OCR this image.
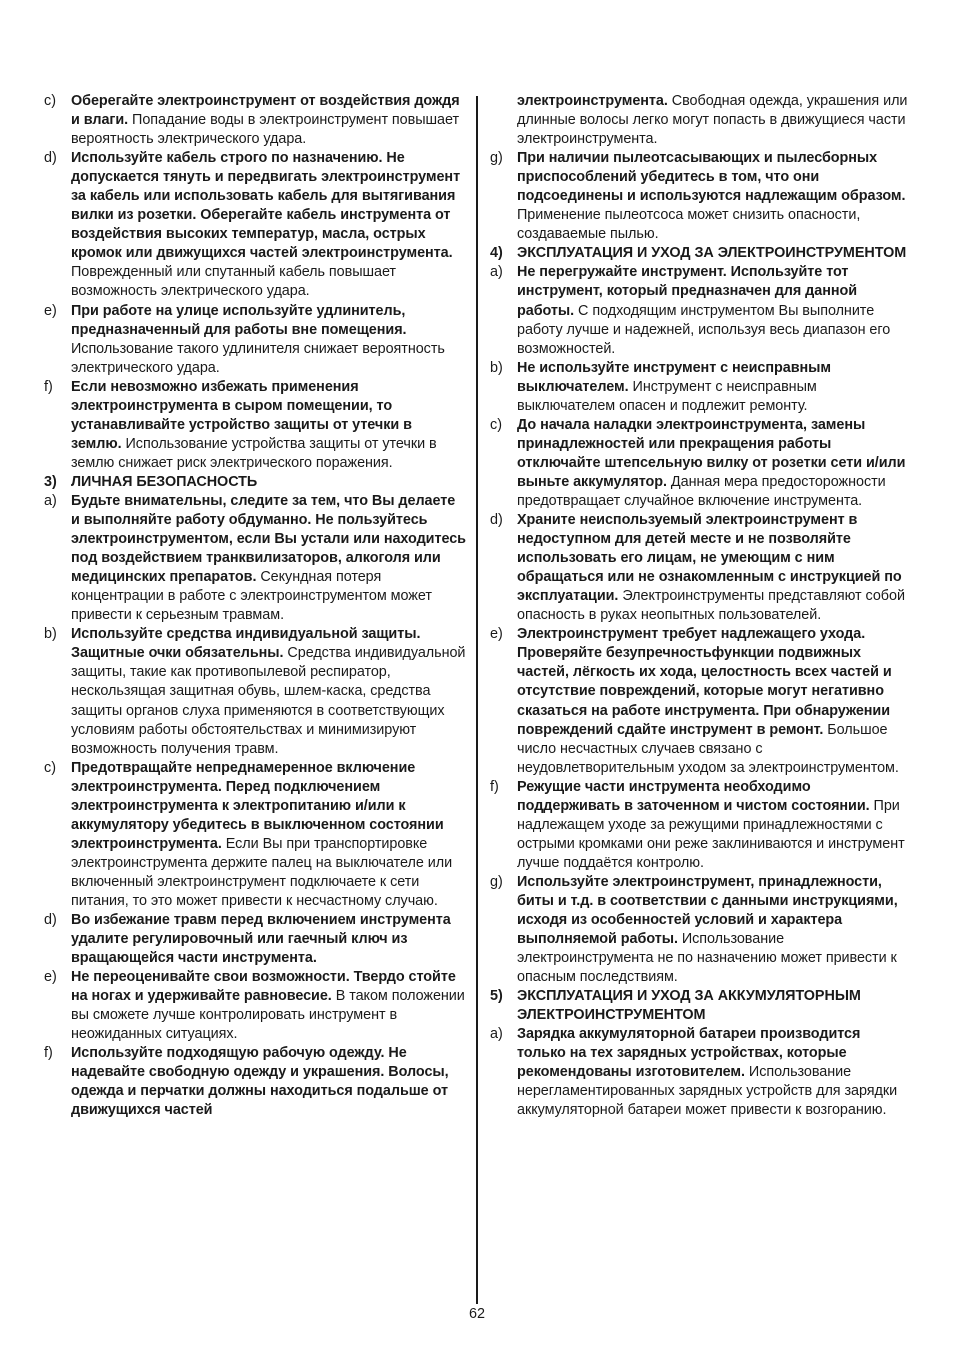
c)	Оберегайте электроинструмент от воздействия дождя и влаги. Попадание воды в электроинструмент повышает вероятность электрического удара.
d) Используйте кабель строго по назначению. Не допускается тянуть и передвигать электроинструмент за кабель или использовать кабель для вытягивания вилки из розетки. Оберегайте кабель инструмента от воздействия высоких температур, масла, острых кромок или движущихся частей электроинструмента. Поврежденный или спутанный кабель повышает возможность электрического удара.
e) При работе на улице используйте удлинитель, предназначенный для работы вне помещения. Использование такого удлинителя снижает вероятность электрического удара.
f)	Если невозможно избежать применения электроинструмента в сыром помещении, то устанавливайте устройство защиты от утечки в землю. Использование устройства защиты от утечки в землю снижает риск электрического поражения.
3) ЛИЧНАЯ БЕЗОПАСНОСТЬ
a) Будьте внимательны, следите за тем, что Вы делаете и выполняйте работу обдуманно. Не пользуйтесь электроинструментом, если Вы устали или находитесь под воздействием транквилизаторов, алкоголя или медицинских препаратов. Секундная потеря концентрации в работе с электроинструментом может привести к серьезным травмам.
b) Используйте средства индивидуальной защиты. Защитные очки обязательны. Средства индивидуальной защиты, такие как противопылевой респиратор, нескользящая защитная обувь, шлем-каска, средства защиты органов слуха применяются в соответствующих условиям работы обстоятельствах и минимизируют возможность получения травм.
c)	Предотвращайте непреднамеренное включение электроинструмента. Перед подключением электроинструмента к электропитанию и/или к аккумулятору убедитесь в выключенном состоянии электроинструмента. Если Вы при транспортировке электроинструмента держите палец на выключателе или включенный электроинструмент подключаете к сети питания, то это может привести к несчастному случаю.
d) Во избежание травм перед включением инструмента удалите регулировочный или гаечный ключ из вращающейся части инструмента.
e) Не переоценивайте свои возможности. Твердо стойте на ногах и удерживайте равновесие. В таком положении вы сможете лучше контролировать инструмент в неожиданных ситуациях.
f)	Используйте подходящую рабочую одежду. Не надевайте свободную одежду и украшения. Волосы, одежда и перчатки должны находиться подальше от движущихся частей
электроинструмента. Свободная одежда, украшения или длинные волосы легко могут попасть в движущиеся части электроинструмента.
g) При наличии пылеотсасывающих и пылесборных приспособлений убедитесь в том, что они подсоединены и используются надлежащим образом. Применение пылеотсоса может снизить опасности, создаваемые пылью.
4) ЭКСПЛУАТАЦИЯ И УХОД ЗА ЭЛЕКТРОИНСТРУМЕНТОМ
a) Не перегружайте инструмент. Используйте тот инструмент, который предназначен для данной работы. С подходящим инструментом Вы выполните работу лучше и надежней, используя весь диапазон его возможностей.
b) Не используйте инструмент с неисправным выключателем. Инструмент с неисправным выключателем опасен и подлежит ремонту.
c)	До начала наладки электроинструмента, замены принадлежностей или прекращения работы отключайте штепсельную вилку от розетки сети и/или выньте аккумулятор. Данная мера предосторожности предотвращает случайное включение инструмента.
d) Храните неиспользуемый электроинструмент в недоступном для детей месте и не позволяйте использовать его лицам, не умеющим с ним обращаться или не ознакомленным с инструкцией по эксплуатации. Электроинструменты представляют собой опасность в руках неопытных пользователей.
e) Электроинструмент требует надлежащего ухода. Проверяйте безупречностьфункции подвижных частей, лёгкость их хода, целостность всех частей и отсутствие повреждений, которые могут негативно сказаться на работе инструмента. При обнаружении повреждений сдайте инструмент в ремонт. Большое число несчастных случаев связано с неудовлетворительным уходом за электроинструментом.
f)	Режущие части инструмента необходимо поддерживать в заточенном и чистом состоянии. При надлежащем уходе за режущими принадлежностями с острыми кромками они реже заклиниваются и инструмент лучше поддаётся контролю.
g) Используйте электроинструмент, принадлежности, биты и т.д. в соответствии с данными инструкциями, исходя из особенностей условий и характера выполняемой работы. Использование электроинструмента не по назначению может привести к опасным последствиям.
5) ЭКСПЛУАТАЦИЯ И УХОД ЗА АККУМУЛЯТОРНЫМ ЭЛЕКТРОИНСТРУМЕНТОМ
a) Зарядка аккумуляторной батареи производится только на тех зарядных устройствах, которые рекомендованы изготовителем. Использование нерегламентированных зарядных устройств для зарядки аккумуляторной батареи может привести к возгоранию.
62
